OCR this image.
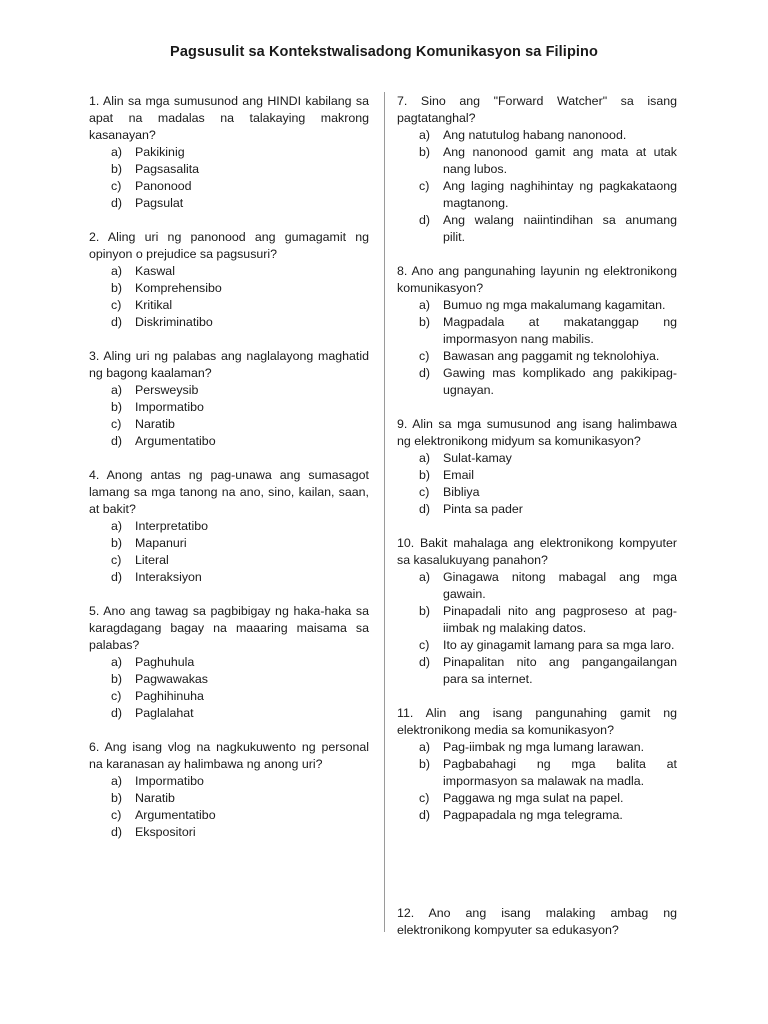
Pagsusulit sa Kontekstwalisadong Komunikasyon sa Filipino
1. Alin sa mga sumusunod ang HINDI kabilang sa apat na madalas na talakaying makrong kasanayan?
a)	Pakikinig
b)	Pagsasalita
c)	Panonood
d)	Pagsulat
2. Aling uri ng panonood ang gumagamit ng opinyon o prejudice sa pagsusuri?
a)	Kaswal
b)	Komprehensibo
c)	Kritikal
d)	Diskriminatibo
3. Aling uri ng palabas ang naglalayong maghatid ng bagong kaalaman?
a)	Persweysib
b)	Impormatibo
c)	Naratib
d)	Argumentatibo
4. Anong antas ng pag-unawa ang sumasagot lamang sa mga tanong na ano, sino, kailan, saan, at bakit?
a)	Interpretatibo
b)	Mapanuri
c)	Literal
d)	Interaksiyon
5. Ano ang tawag sa pagbibigay ng haka-haka sa karagdagang bagay na maaaring maisama sa palabas?
a)	Paghuhula
b)	Pagwawakas
c)	Paghihinuha
d)	Paglalahat
6. Ang isang vlog na nagkukuwento ng personal na karanasan ay halimbawa ng anong uri?
a)	Impormatibo
b)	Naratib
c)	Argumentatibo
d)	Ekspositori
7. Sino ang "Forward Watcher" sa isang pagtatanghal?
a)	Ang natutulog habang nanonood.
b)	Ang nanonood gamit ang mata at utak nang lubos.
c)	Ang laging naghihintay ng pagkakataong magtanong.
d)	Ang walang naiintindihan sa anumang pilit.
8. Ano ang pangunahing layunin ng elektronikong komunikasyon?
a)	Bumuo ng mga makalumang kagamitan.
b)	Magpadala at makatanggap ng impormasyon nang mabilis.
c)	Bawasan ang paggamit ng teknolohiya.
d)	Gawing mas komplikado ang pakikipag-ugnayan.
9. Alin sa mga sumusunod ang isang halimbawa ng elektronikong midyum sa komunikasyon?
a)	Sulat-kamay
b)	Email
c)	Bibliya
d)	Pinta sa pader
10. Bakit mahalaga ang elektronikong kompyuter sa kasalukuyang panahon?
a)	Ginagawa nitong mabagal ang mga gawain.
b)	Pinapadali nito ang pagproseso at pag-iimbak ng malaking datos.
c)	Ito ay ginagamit lamang para sa mga laro.
d)	Pinapalitan nito ang pangangailangan para sa internet.
11. Alin ang isang pangunahing gamit ng elektronikong media sa komunikasyon?
a)	Pag-iimbak ng mga lumang larawan.
b)	Pagbabahagi ng mga balita at impormasyon sa malawak na madla.
c)	Paggawa ng mga sulat na papel.
d)	Pagpapadala ng mga telegrama.
12. Ano ang isang malaking ambag ng elektronikong kompyuter sa edukasyon?
